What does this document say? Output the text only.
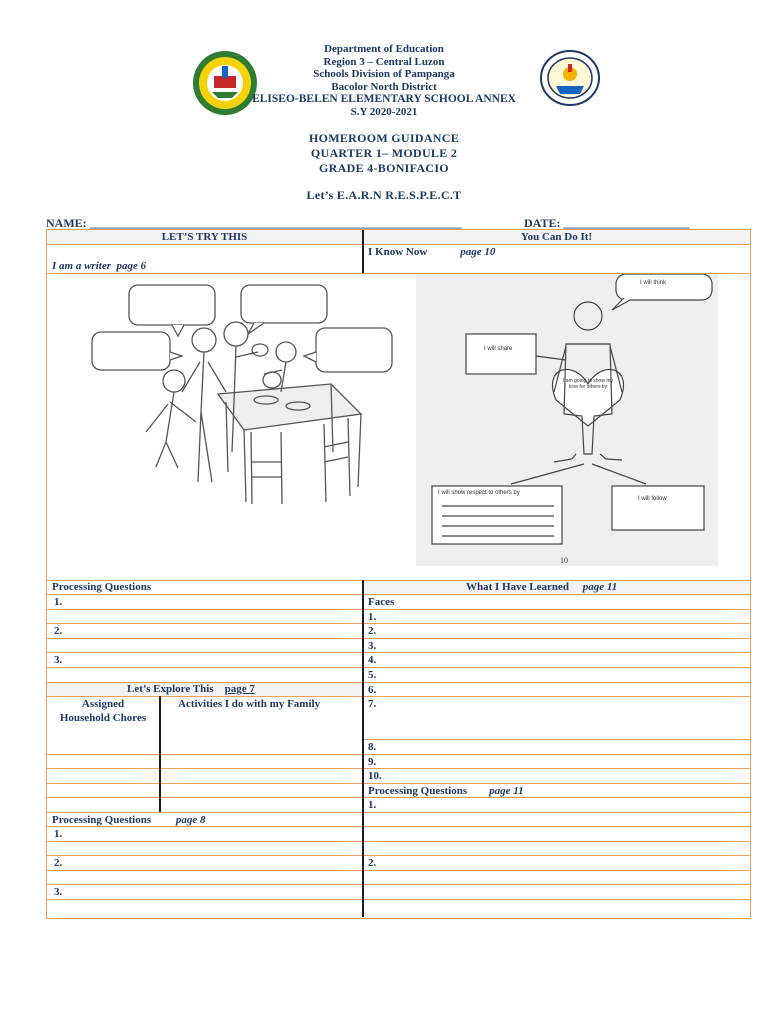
Department of Education
Region 3 – Central Luzon
Schools Division of Pampanga
Bacolor North District
ELISEO-BELEN ELEMENTARY SCHOOL ANNEX
S.Y 2020-2021
HOMEROOM GUIDANCE
QUARTER 1– MODULE 2
GRADE 4-BONIFACIO
Let’s E.A.R.N R.E.S.P.E.C.T
NAME: ______________________________________________________________	DATE: _____________________
LET’S TRY THIS
I am a writer page 6
Processing Questions
1.
2.
3.
Let’s Explore This page 7
Assigned Household Chores
Activities I do with my Family
Processing Questions page 8
1.
2.
3.
You Can Do It!
I Know Now	page 10
What I Have Learned page 11
Faces
1.
2.
3.
4.
5.
6.
7.
8.
9.
10.
Processing Questions page 11
1.
2.
I will think
I will share
I am going to show my love for others by
I will show respect to others by
I will follow
10
